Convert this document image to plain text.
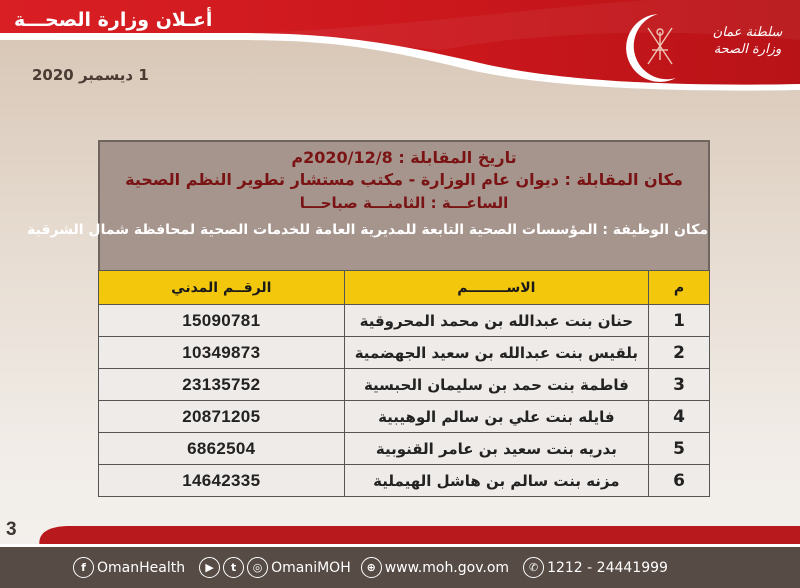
أعـلان وزارة الصحـــة
1 ديسمبر 2020
سلطنة عمان
وزارة الصحة
تاريخ المقابلة : 2020/12/8م
مكان المقابلة : ديوان عام الوزارة - مكتب مستشار تطوير النظم الصحية
الساعـــة : الثامنـــة صباحـــا
مكان الوظيفة : المؤسسات الصحية التابعة للمديرية العامة للخدمات الصحية لمحافظة شمال الشرقية
م	الاســــــــم	الرقــم المدني
1	حنان بنت عبدالله بن محمد المحروقية	15090781
2	بلقيس بنت عبدالله بن سعيد الجهضمية	10349873
3	فاطمة بنت حمد بن سليمان الحبسية	23135752
4	فايله بنت علي بن سالم الوهيبية	20871205
5	بدريه بنت سعيد بن عامر القنوبية	6862504
6	مزنه بنت سالم بن هاشل الهيملية	14642335
3
f OmanHealth	▶	t	◎ OmaniMOH	⊕ www.moh.gov.om	✆ 1212 - 24441999
